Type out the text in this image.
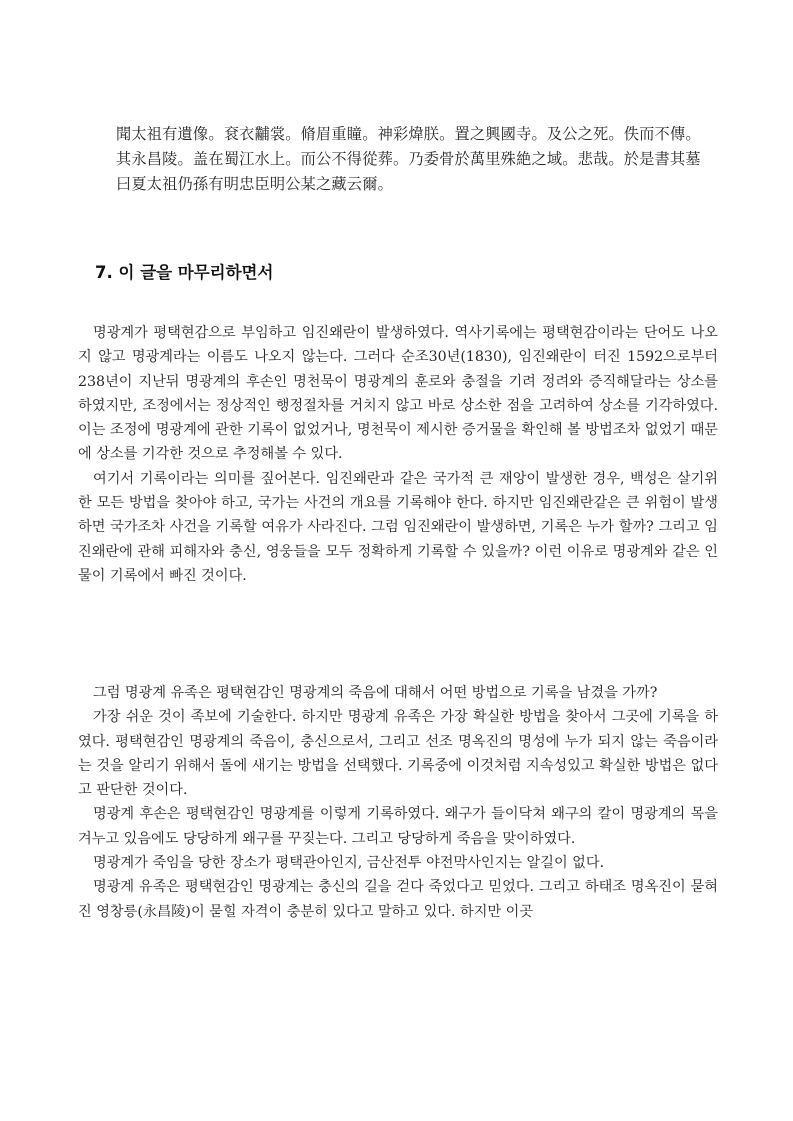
聞太祖有遺像。袞衣黼裳。脩眉重瞳。神彩煒朕。置之興國寺。及公之死。佚而不傳。
其永昌陵。盖在蜀江水上。而公不得從葬。乃委骨於萬里殊絶之域。悲哉。於是書其墓
曰夏太祖仍孫有明忠臣明公某之藏云爾。
7. 이 글을 마무리하면서

명광계가 평택현감으로 부임하고 임진왜란이 발생하였다. 역사기록에는 평택현감이라는 단어도 나오지 않고 명광계라는 이름도 나오지 않는다. 그러다 순조30년(1830), 임진왜란이 터진 1592으로부터 238년이 지난뒤 명광계의 후손인 명천묵이 명광계의 훈로와 충절을 기려 정려와 증직해달라는 상소를 하였지만, 조정에서는 정상적인 행정절차를 거치지 않고 바로 상소한 점을 고려하여 상소를 기각하였다. 이는 조정에 명광계에 관한 기록이 없었거나, 명천묵이 제시한 증거물을 확인해 볼 방법조차 없었기 때문에 상소를 기각한 것으로 추정해볼 수 있다.

여기서 기록이라는 의미를 짚어본다. 임진왜란과 같은 국가적 큰 재앙이 발생한 경우, 백성은 살기위한 모든 방법을 찾아야 하고, 국가는 사건의 개요를 기록해야 한다. 하지만 임진왜란같은 큰 위험이 발생하면 국가조차 사건을 기록할 여유가 사라진다. 그럼 임진왜란이 발생하면, 기록은 누가 할까? 그리고 임진왜란에 관해 피해자와 충신, 영웅들을 모두 정확하게 기록할 수 있을까? 이런 이유로 명광계와 같은 인물이 기록에서 빠진 것이다.

그럼 명광계 유족은 평택현감인 명광계의 죽음에 대해서 어떤 방법으로 기록을 남겼을 가까?

가장 쉬운 것이 족보에 기술한다. 하지만 명광계 유족은 가장 확실한 방법을 찾아서 그곳에 기록을 하였다. 평택현감인 명광계의 죽음이, 충신으로서, 그리고 선조 명옥진의 명성에 누가 되지 않는 죽음이라는 것을 알리기 위해서 돌에 새기는 방법을 선택했다. 기록중에 이것처럼 지속성있고 확실한 방법은 없다고 판단한 것이다.

명광계 후손은 평택현감인 명광계를 이렇게 기록하였다. 왜구가 들이닥쳐 왜구의 칼이 명광계의 목을 겨누고 있음에도 당당하게 왜구를 꾸짖는다. 그리고 당당하게 죽음을 맞이하였다.

명광계가 죽임을 당한 장소가 평택관아인지, 금산전투 야전막사인지는 알길이 없다.

명광계 유족은 평택현감인 명광계는 충신의 길을 걷다 죽었다고 믿었다. 그리고 하태조 명옥진이 묻혀진 영창릉(永昌陵)이 묻힐 자격이 충분히 있다고 말하고 있다. 하지만 이곳
